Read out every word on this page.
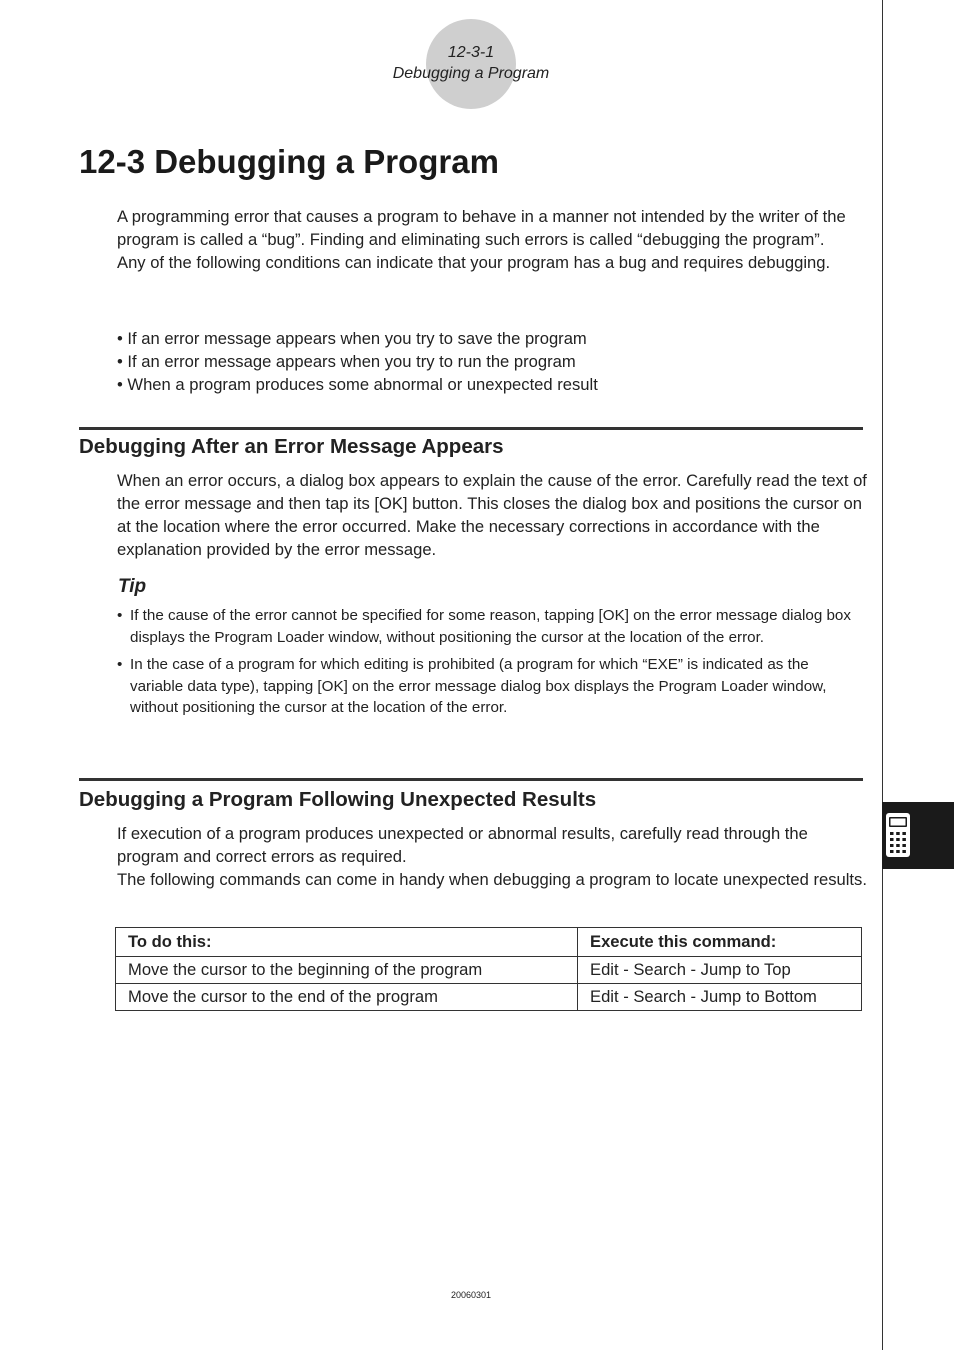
12-3-1
Debugging a Program
12-3 Debugging a Program

A programming error that causes a program to behave in a manner not intended by the writer of the program is called a “bug”. Finding and eliminating such errors is called “debugging the program”.

Any of the following conditions can indicate that your program has a bug and requires debugging.

• If an error message appears when you try to save the program
• If an error message appears when you try to run the program
• When a program produces some abnormal or unexpected result
Debugging After an Error Message Appears

When an error occurs, a dialog box appears to explain the cause of the error. Carefully read the text of the error message and then tap its [OK] button. This closes the dialog box and positions the cursor on at the location where the error occurred. Make the necessary corrections in accordance with the explanation provided by the error message.

Tip
• If the cause of the error cannot be specified for some reason, tapping [OK] on the error message dialog box displays the Program Loader window, without positioning the cursor at the location of the error.
• In the case of a program for which editing is prohibited (a program for which “EXE” is indicated as the variable data type), tapping [OK] on the error message dialog box displays the Program Loader window, without positioning the cursor at the location of the error.
Debugging a Program Following Unexpected Results

If execution of a program produces unexpected or abnormal results, carefully read through the program and correct errors as required.

The following commands can come in handy when debugging a program to locate unexpected results.

To do this:	Execute this command:
Move the cursor to the beginning of the program	Edit - Search - Jump to Top
Move the cursor to the end of the program	Edit - Search - Jump to Bottom
20060301
